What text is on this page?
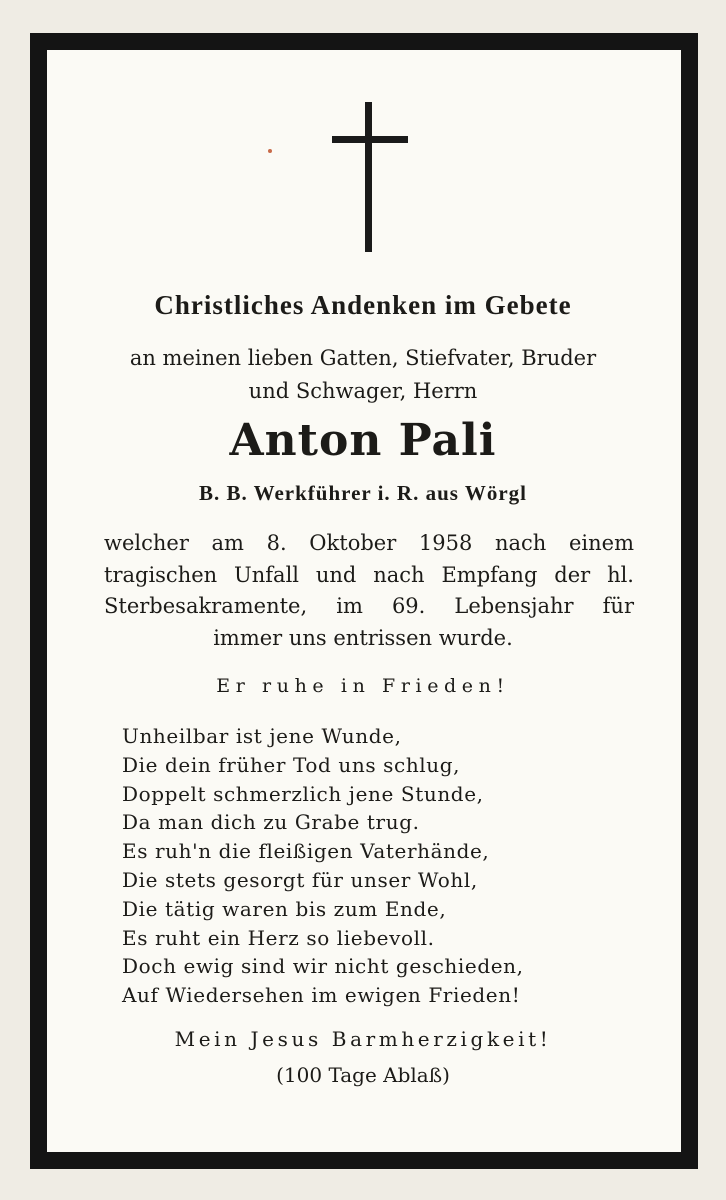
Christliches Andenken im Gebete
an meinen lieben Gatten, Stiefvater, Bruder
und Schwager, Herrn
Anton Pali
B. B. Werkführer i. R. aus Wörgl
welcher am 8. Oktober 1958 nach einem
tragischen Unfall und nach Empfang der hl.
Sterbesakramente, im 69. Lebensjahr für
immer uns entrissen wurde.
Er ruhe in Frieden!
Unheilbar ist jene Wunde,
Die dein früher Tod uns schlug,
Doppelt schmerzlich jene Stunde,
Da man dich zu Grabe trug.
Es ruh'n die fleißigen Vaterhände,
Die stets gesorgt für unser Wohl,
Die tätig waren bis zum Ende,
Es ruht ein Herz so liebevoll.
Doch ewig sind wir nicht geschieden,
Auf Wiedersehen im ewigen Frieden!
Mein Jesus Barmherzigkeit!
(100 Tage Ablaß)
